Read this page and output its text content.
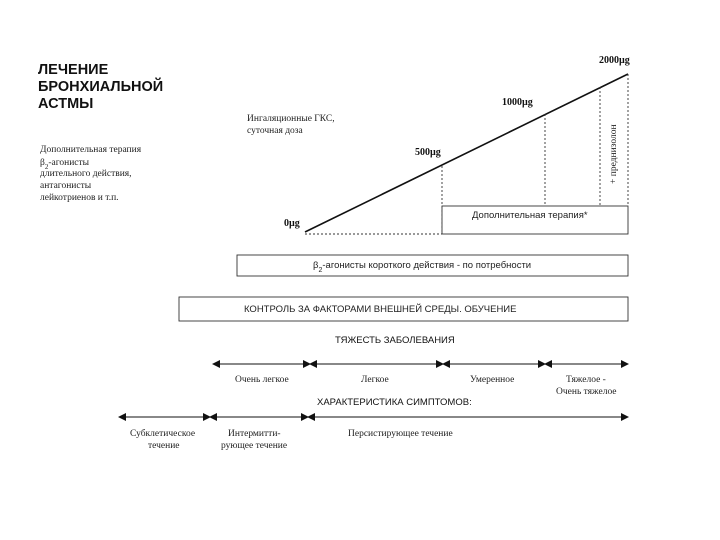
ЛЕЧЕНИЕ
БРОНХИАЛЬНОЙ
АСТМЫ
Дополнительная терапия
$\beta_2$-агонисты
длительного действия,
антагонисты
лейкотриенов и т.п.
Ингаляционные ГКС,
суточная доза
0µg
500µg
1000µg
2000µg
+ преднизолон
Дополнительная терапия*
$\beta_2$-агонисты короткого действия - по потребности
КОНТРОЛЬ ЗА ФАКТОРАМИ ВНЕШНЕЙ СРЕДЫ. ОБУЧЕНИЕ
ТЯЖЕСТЬ ЗАБОЛЕВАНИЯ
Очень легкое	Легкое	Умеренное	Тяжелое -
Очень тяжелое
ХАРАКТЕРИСТИКА СИМПТОМОВ:
Субклетическое
течение
Интермитти-
рующее течение
Персистирующее течение
